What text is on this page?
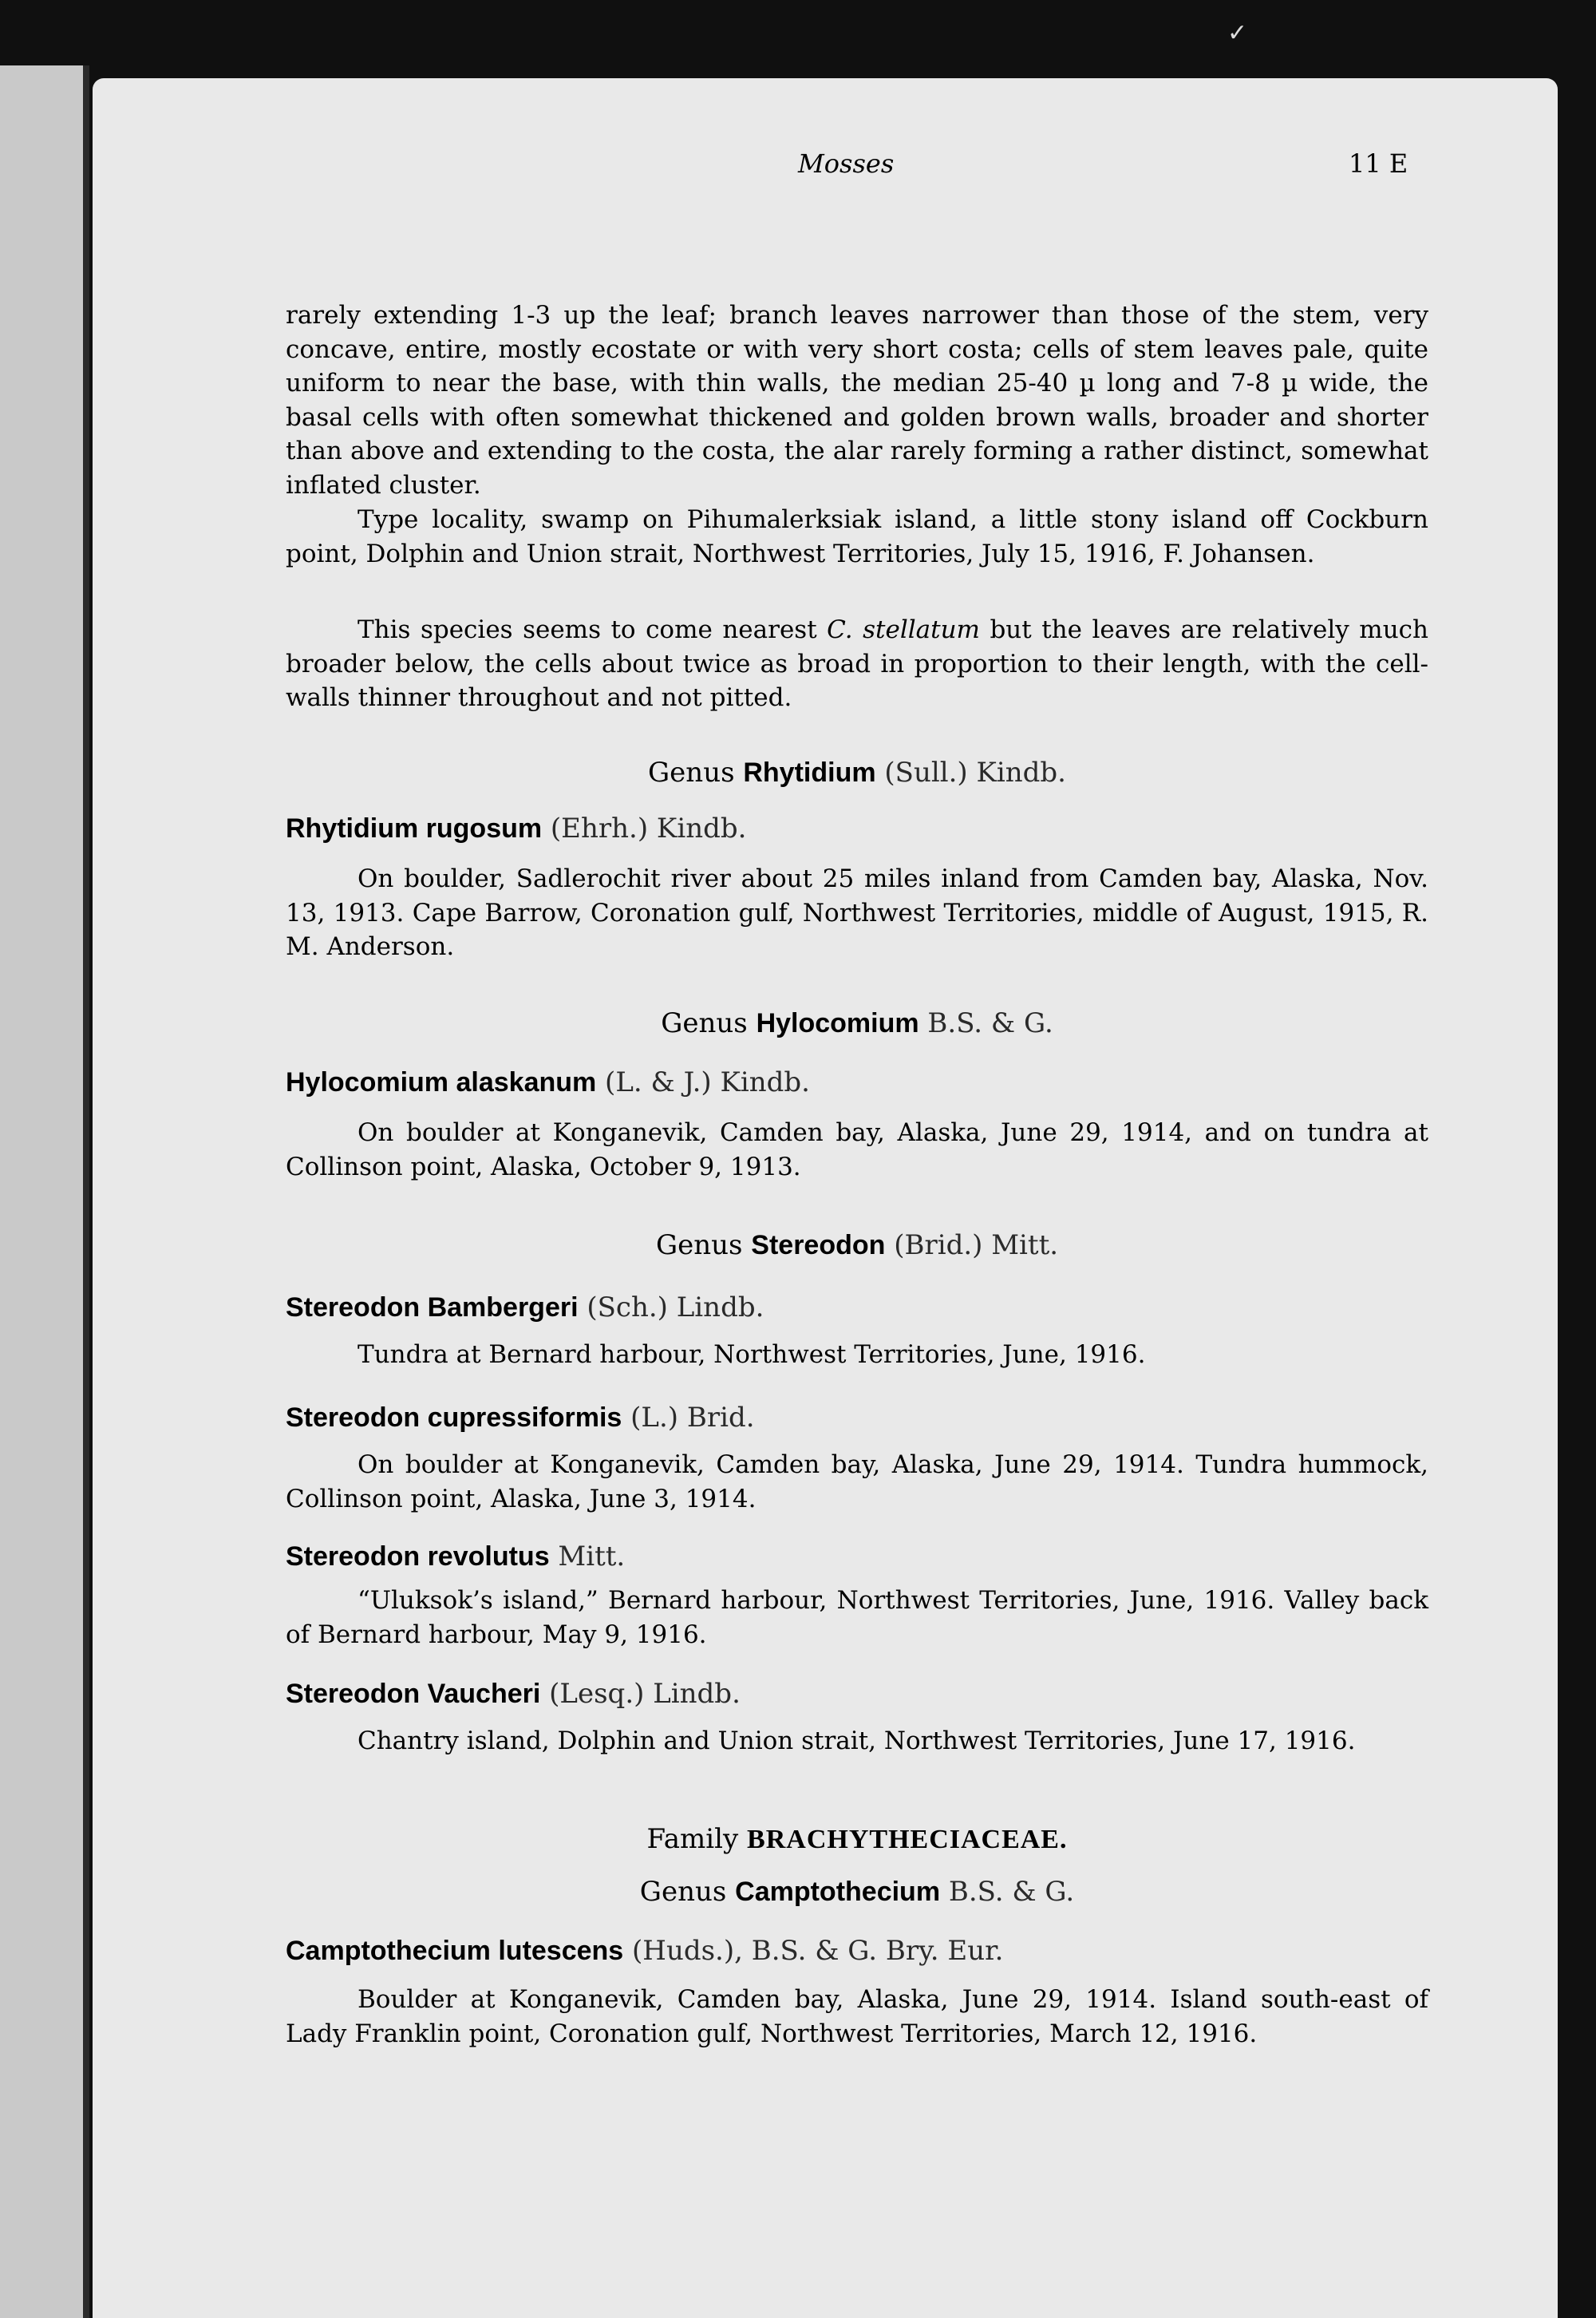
✓
Mosses	11 E

rarely extending 1-3 up the leaf; branch leaves narrower than those of the stem, very concave, entire, mostly ecostate or with very short costa; cells of stem leaves pale, quite uniform to near the base, with thin walls, the median 25-40 µ long and 7-8 µ wide, the basal cells with often somewhat thickened and golden brown walls, broader and shorter than above and extending to the costa, the alar rarely forming a rather distinct, somewhat inflated cluster.

Type locality, swamp on Pihumalerksiak island, a little stony island off Cockburn point, Dolphin and Union strait, Northwest Territories, July 15, 1916, F. Johansen.

This species seems to come nearest C. stellatum but the leaves are relatively much broader below, the cells about twice as broad in proportion to their length, with the cell-walls thinner throughout and not pitted.

Genus Rhytidium (Sull.) Kindb.
Rhytidium rugosum (Ehrh.) Kindb.

On boulder, Sadlerochit river about 25 miles inland from Camden bay, Alaska, Nov. 13, 1913. Cape Barrow, Coronation gulf, Northwest Territories, middle of August, 1915, R. M. Anderson.

Genus Hylocomium B.S. & G.
Hylocomium alaskanum (L. & J.) Kindb.

On boulder at Konganevik, Camden bay, Alaska, June 29, 1914, and on tundra at Collinson point, Alaska, October 9, 1913.

Genus Stereodon (Brid.) Mitt.
Stereodon Bambergeri (Sch.) Lindb.

Tundra at Bernard harbour, Northwest Territories, June, 1916.

Stereodon cupressiformis (L.) Brid.

On boulder at Konganevik, Camden bay, Alaska, June 29, 1914. Tundra hummock, Collinson point, Alaska, June 3, 1914.

Stereodon revolutus Mitt.

“Uluksok’s island,” Bernard harbour, Northwest Territories, June, 1916. Valley back of Bernard harbour, May 9, 1916.

Stereodon Vaucheri (Lesq.) Lindb.

Chantry island, Dolphin and Union strait, Northwest Territories, June 17, 1916.

Family BRACHYTHECIACEAE.
Genus Camptothecium B.S. & G.
Camptothecium lutescens (Huds.), B.S. & G. Bry. Eur.

Boulder at Konganevik, Camden bay, Alaska, June 29, 1914. Island south-east of Lady Franklin point, Coronation gulf, Northwest Territories, March 12, 1916.
